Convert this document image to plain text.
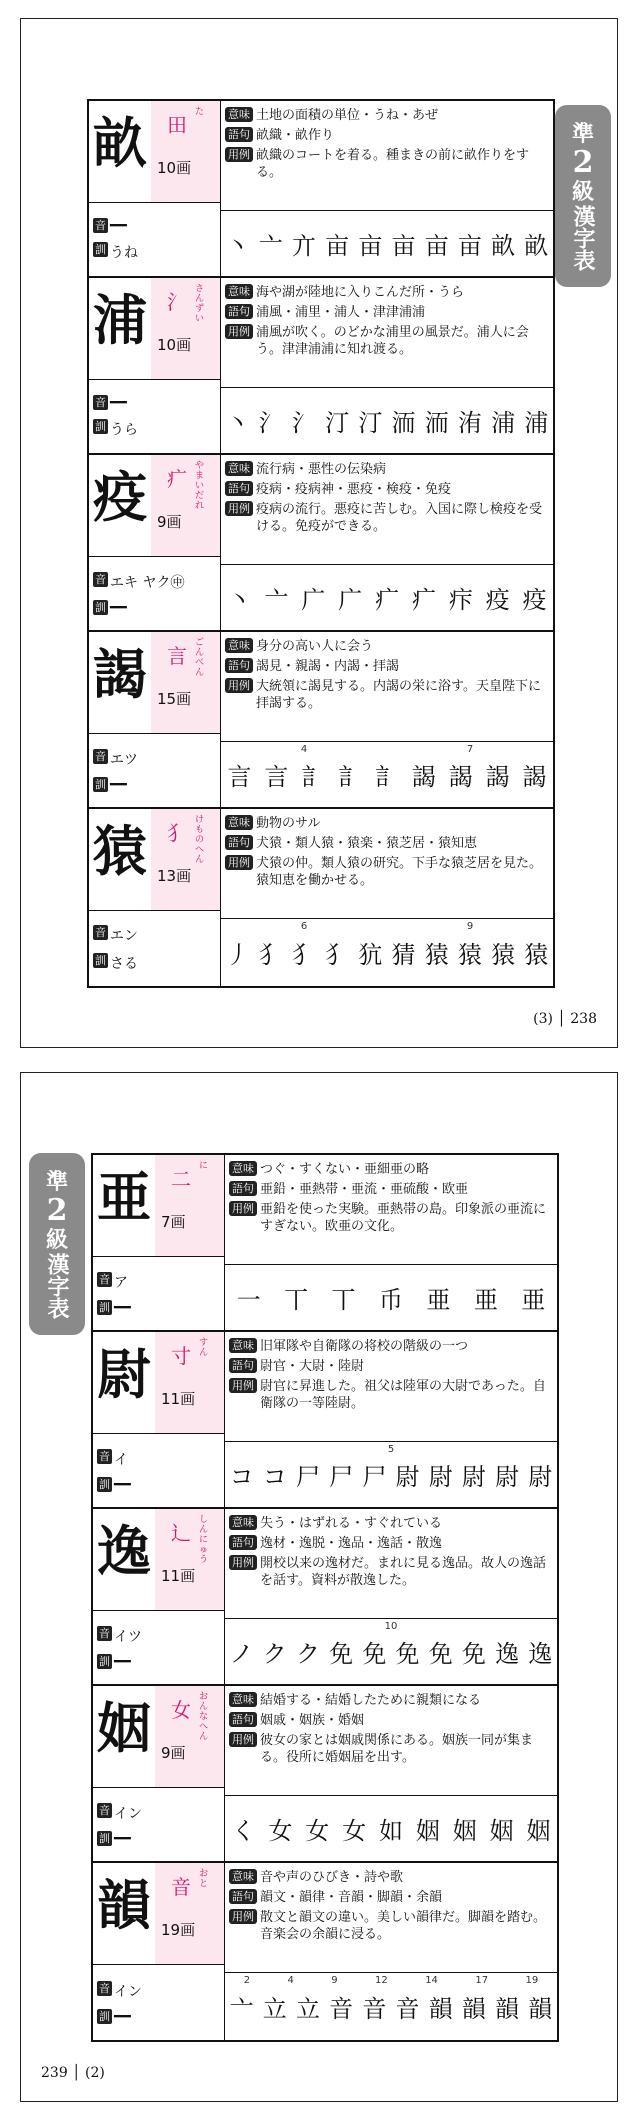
準
2
級
漢字表
畝 田
た
10画
音 ━━
訓 うね
意味 土地の面積の単位・うね・あぜ
語句 畝織・畝作り
用例 畝織のコートを着る。種まきの前に畝作りをする。
丶 亠 亣 亩 亩 亩 亩 亩 畝 畝
浦 氵
さんずい
10画
音 ━━
訓 うら
意味 海や湖が陸地に入りこんだ所・うら
語句 浦風・浦里・浦人・津津浦浦
用例 浦風が吹く。のどかな浦里の風景だ。浦人に会う。津津浦浦に知れ渡る。
丶 氵 氵 汀 汀 洏 洏 洧 浦 浦
疫 疒
やまいだれ
9画
音 エキ ヤク㊥
訓 ━━
意味 流行病・悪性の伝染病
語句 疫病・疫病神・悪疫・検疫・免疫
用例 疫病の流行。悪疫に苦しむ。入国に際し検疫を受ける。免疫ができる。
丶 亠 广 广 疒 疒 疜 疫 疫
謁 言
ごんべん
15画
音 エツ
訓 ━━
意味 身分の高い人に会う
語句 謁見・親謁・内謁・拝謁
用例 大統領に謁見する。内謁の栄に浴す。天皇陛下に拝謁する。
4	7
言 言 訁 訁 訁 謁 謁 謁 謁
猿 犭
けものへん
13画
音 エン
訓 さる
意味 動物のサル
語句 犬猿・類人猿・猿楽・猿芝居・猿知恵
用例 犬猿の仲。類人猿の研究。下手な猿芝居を見た。猿知恵を働かせる。
6	9
丿 犭 犭 犭 犺 猜 猿 猿 猿 猿
(3) │ 238
準
2
級
漢字表
亜 二
に
7画
音 ア
訓 ━━
意味 つぐ・すくない・亜細亜の略
語句 亜鉛・亜熱帯・亜流・亜硫酸・欧亜
用例 亜鉛を使った実験。亜熱帯の島。印象派の亜流にすぎない。欧亜の文化。
一 丅 丅 币 亜 亜 亜
尉 寸
すん
11画
音 イ
訓 ━━
意味 旧軍隊や自衛隊の将校の階級の一つ
語句 尉官・大尉・陸尉
用例 尉官に昇進した。祖父は陸軍の大尉であった。自衛隊の一等陸尉。
5
コ コ 尸 尸 尸 尉 尉 尉 尉 尉
逸 辶
しんにゅう
11画
音 イツ
訓 ━━
意味 失う・はずれる・すぐれている
語句 逸材・逸脱・逸品・逸話・散逸
用例 開校以来の逸材だ。まれに見る逸品。故人の逸話を話す。資料が散逸した。
10
ノ ク ク 免 免 免 免 免 逸 逸
姻 女
おんなへん
9画
音 イン
訓 ━━
意味 結婚する・結婚したために親類になる
語句 姻戚・姻族・婚姻
用例 彼女の家とは姻戚関係にある。姻族一同が集まる。役所に婚姻届を出す。
く 女 女 女 如 姻 姻 姻 姻
韻 音
おと
19画
音 イン
訓 ━━
意味 音や声のひびき・詩や歌
語句 韻文・韻律・音韻・脚韻・余韻
用例 散文と韻文の違い。美しい韻律だ。脚韻を踏む。音楽会の余韻に浸る。
2	4	9	12	14	17	19
亠 立 立 音 音 音 韻 韻 韻 韻
239 │ (2)
